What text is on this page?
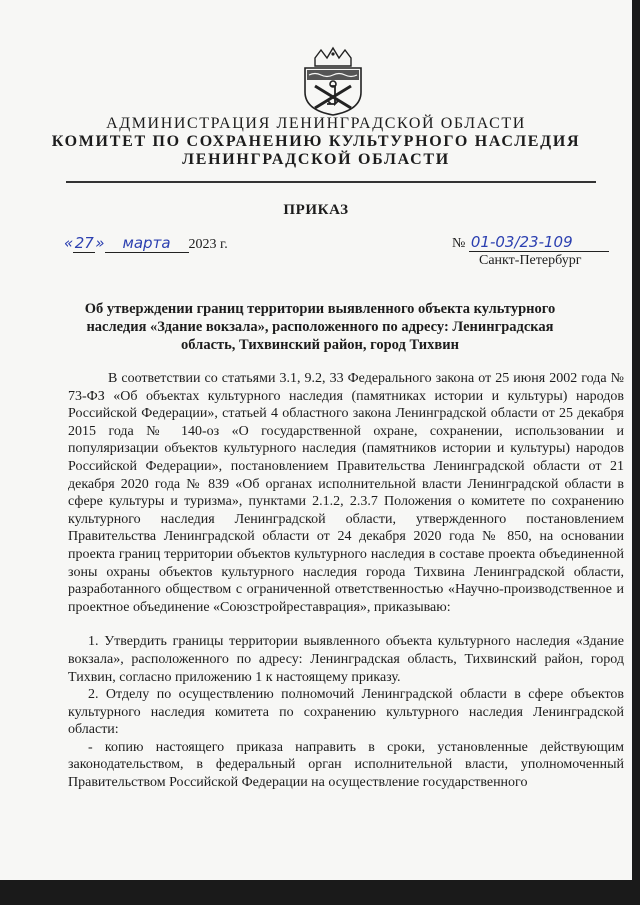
АДМИНИСТРАЦИЯ ЛЕНИНГРАДСКОЙ ОБЛАСТИ
КОМИТЕТ ПО СОХРАНЕНИЮ КУЛЬТУРНОГО НАСЛЕДИЯ
ЛЕНИНГРАДСКОЙ ОБЛАСТИ
ПРИКАЗ
«27» марта 2023 г.	№ 01-03/23-109
Санкт-Петербург
Об утверждении границ территории выявленного объекта культурного наследия «Здание вокзала», расположенного по адресу: Ленинградская область, Тихвинский район, город Тихвин

В соответствии со статьями 3.1, 9.2, 33 Федерального закона от 25 июня 2002 года № 73-ФЗ «Об объектах культурного наследия (памятниках истории и культуры) народов Российской Федерации», статьей 4 областного закона Ленинградской области от 25 декабря 2015 года № 140-оз «О государственной охране, сохранении, использовании и популяризации объектов культурного наследия (памятников истории и культуры) народов Российской Федерации», постановлением Правительства Ленинградской области от 21 декабря 2020 года № 839 «Об органах исполнительной власти Ленинградской области в сфере культуры и туризма», пунктами 2.1.2, 2.3.7 Положения о комитете по сохранению культурного наследия Ленинградской области, утвержденного постановлением Правительства Ленинградской области от 24 декабря 2020 года № 850, на основании проекта границ территории объектов культурного наследия в составе проекта объединенной зоны охраны объектов культурного наследия города Тихвина Ленинградской области, разработанного обществом с ограниченной ответственностью «Научно-производственное и проектное объединение «Союзстройреставрация», приказываю:

1. Утвердить границы территории выявленного объекта культурного наследия «Здание вокзала», расположенного по адресу: Ленинградская область, Тихвинский район, город Тихвин, согласно приложению 1 к настоящему приказу.

2. Отделу по осуществлению полномочий Ленинградской области в сфере объектов культурного наследия комитета по сохранению культурного наследия Ленинградской области:

- копию настоящего приказа направить в сроки, установленные действующим законодательством, в федеральный орган исполнительной власти, уполномоченный Правительством Российской Федерации на осуществление государственного
